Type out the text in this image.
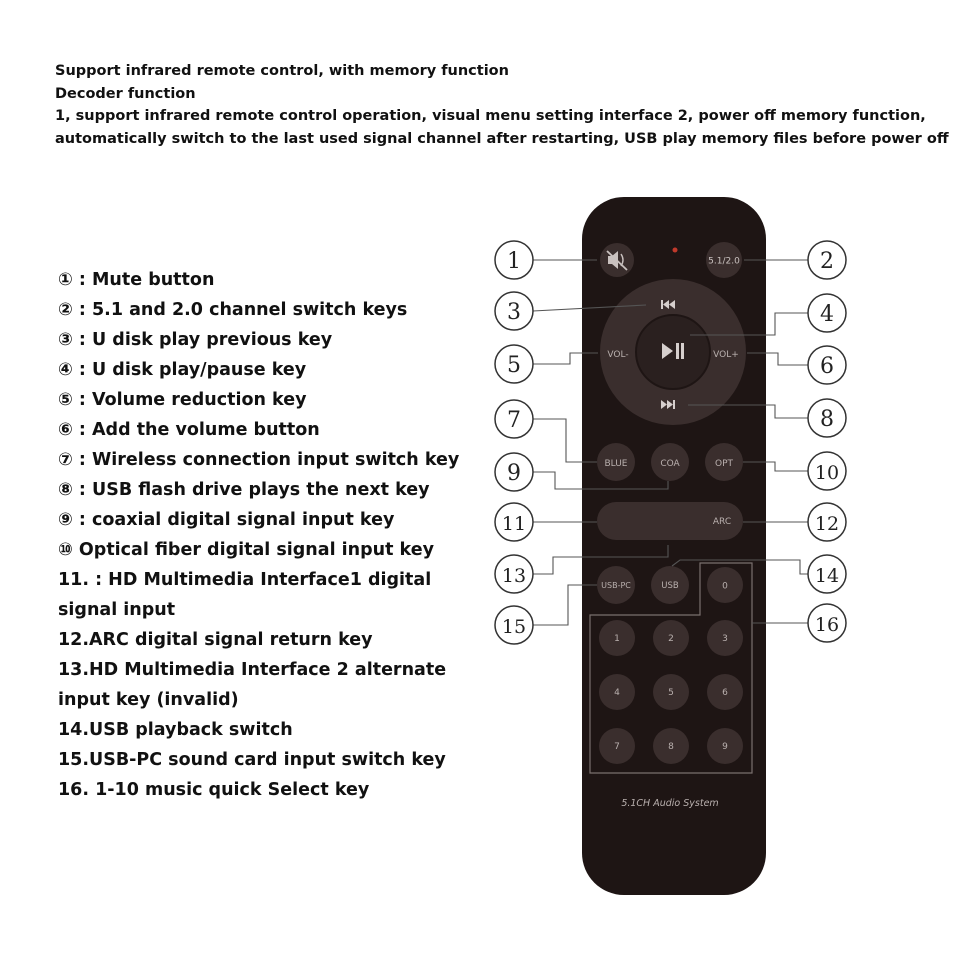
Support infrared remote control, with memory function
Decoder function
1, support infrared remote control operation, visual menu setting interface 2, power off memory function,
automatically switch to the last used signal channel after restarting, USB play memory files before power off
① : Mute button
② : 5.1 and 2.0 channel switch keys
③ : U disk play previous key
④ : U disk play/pause key
⑤ : Volume reduction key
⑥ : Add the volume button
⑦ : Wireless connection input switch key
⑧ : USB flash drive plays the next key
⑨ : coaxial digital signal input key
⑩ Optical fiber digital signal input key
11. : HD Multimedia Interface1 digital signal input
12.ARC digital signal return key
13.HD Multimedia Interface 2 alternate input key (invalid)
14.USB playback switch
15.USB-PC sound card input switch key
16. 1-10 music quick Select key
5.1/2.0
VOL-	VOL+
BLUE	COA	OPT
ARC
USB-PC	USB	0
1	2	3
4	5	6
7	8	9
5.1CH Audio System
1
3
5
7
9
11
13
15
2
4
6
8
10
12
14
16
